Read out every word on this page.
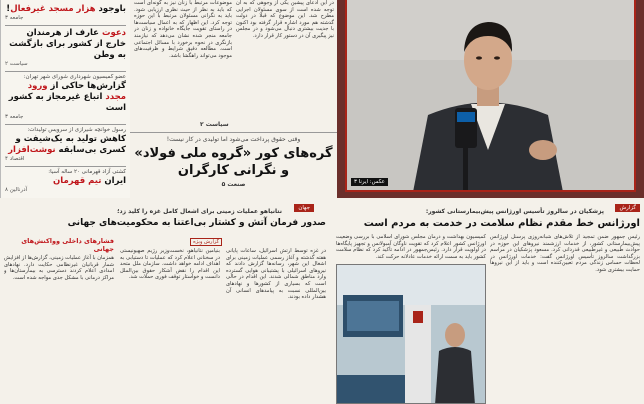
باوجود هزار مسجد غیرفعال!
جامعه ۳
دعوت عارف از هرمندان خارج از کشور برای بازگشت به وطن
سیاست ۲
عضو کمیسیون شهرداری شورای شهر تهران:
گزارش‌ها حاکی از ورود مجدد اتباع غیرمجاز به کشور است
جامعه ۳
رسول خوانچه شیرازی از سرویس تولیدات:
کاهش تولید به یک‌شیفت و کسری بی‌سابقه نوشت‌افزار
اقتصاد ۴
کشتی آزاد قهرمانی ۲۰ ساله آسیا:
ایران تیم قهرمان
آدرنالین ۸

موضوعات مرتبط با زنان نیز به گونه‌ای است که باید به نظر از حیث نظری ارزیابی شود. باید به نگرانی مسئولان مرتبط با این حوزه توجه کرد. این اظهار که به اعمال سیاست‌ها در راستای تقویت جایگاه خانواده و زنان در جامعه منجر شده نشان می‌دهد که نیازمند بازنگری در نحوه برخورد با مسائل اجتماعی است. مطالعه دقیق شرایط و ظرفیت‌های موجود می‌تواند راهگشا باشد.

در این ادعای پیشین یکی از وجوهی که به آن توجه شده است از سوی مسئولان اجرایی مطرح شد. این موضوع که قبلا در دولت گذشته هم مورد اشاره قرار گرفته بود اکنون با جدیت بیشتری دنبال می‌شود و در مجلس نیز پیگیری آن در دستور کار قرار دارد.

سیاست ۲
وقتی حقوق پرداخت می‌شود اما تولیدی در کار نیست!
گره‌های کور «گروه ملی فولاد»
و نگرانی کارگران
صنعت ۵	عکس: ایرنا ۳
گزارش
جهان	پزشکیان در سالروز تأسیس اورژانس پیش‌بیمارستانی کشور:
اورژانس خط مقدم نظام سلامت در خدمت به مردم است

رئیس جمهور ضمن تمجید از تلاش‌های شبانه‌روزی پرسنل اورژانس پیش‌بیمارستانی کشور، از خدمات ارزشمند نیروهای این حوزه در حوادث طبیعی و غیرطبیعی قدردانی کرد. مسعود پزشکیان در مراسم بزرگداشت سالروز تأسیس اورژانس گفت: خدمات اورژانس در لحظات حساس زندگی مردم تعیین‌کننده است و باید از این نیروها حمایت بیشتری شود.

کمیسیون بهداشت و درمان مجلس شورای اسلامی با بررسی وضعیت اورژانس کشور اعلام کرد که تقویت ناوگان آمبولانس و تجهیز پایگاه‌ها در اولویت قرار دارد. رئیس‌جمهور در ادامه تأکید کرد که نظام سلامت کشور باید به سمت ارائه خدمات عادلانه حرکت کند.

نتانیاهو عملیات زمینی برای اشغال کامل غزه را کلید زد؛
صدور فرمان آتش و کشتار بی‌اعتنا به محکومیت‌های جهانی
گزارش ویژه

در غزه توسط ارتش اسرائیل، ساعات پایانی هفته گذشته و آغاز رسمی عملیات زمینی برای اشغال این شهر، رسانه‌ها گزارش دادند که نیروهای اسرائیلی با پشتیبانی هوایی گسترده وارد مناطق شمالی شدند. این اقدام در حالی است که بسیاری از کشورها و نهادهای بین‌المللی نسبت به پیامدهای انسانی آن هشدار داده بودند.

بنیامین نتانیاهو، نخست‌وزیر رژیم صهیونیستی در سخنانی اعلام کرد که عملیات تا دستیابی به اهداف ادامه خواهد داشت. سازمان ملل متحد این اقدام را نقض آشکار حقوق بین‌الملل دانست و خواستار توقف فوری حملات شد.

فشارهای داخلی وواکنش‌های جهانی

همزمان با آغاز عملیات زمینی، گزارش‌ها از افزایش شمار قربانیان غیرنظامی حکایت دارد. نهادهای امدادی اعلام کردند دسترسی به بیمارستان‌ها و مراکز درمانی با مشکل جدی مواجه شده است.
